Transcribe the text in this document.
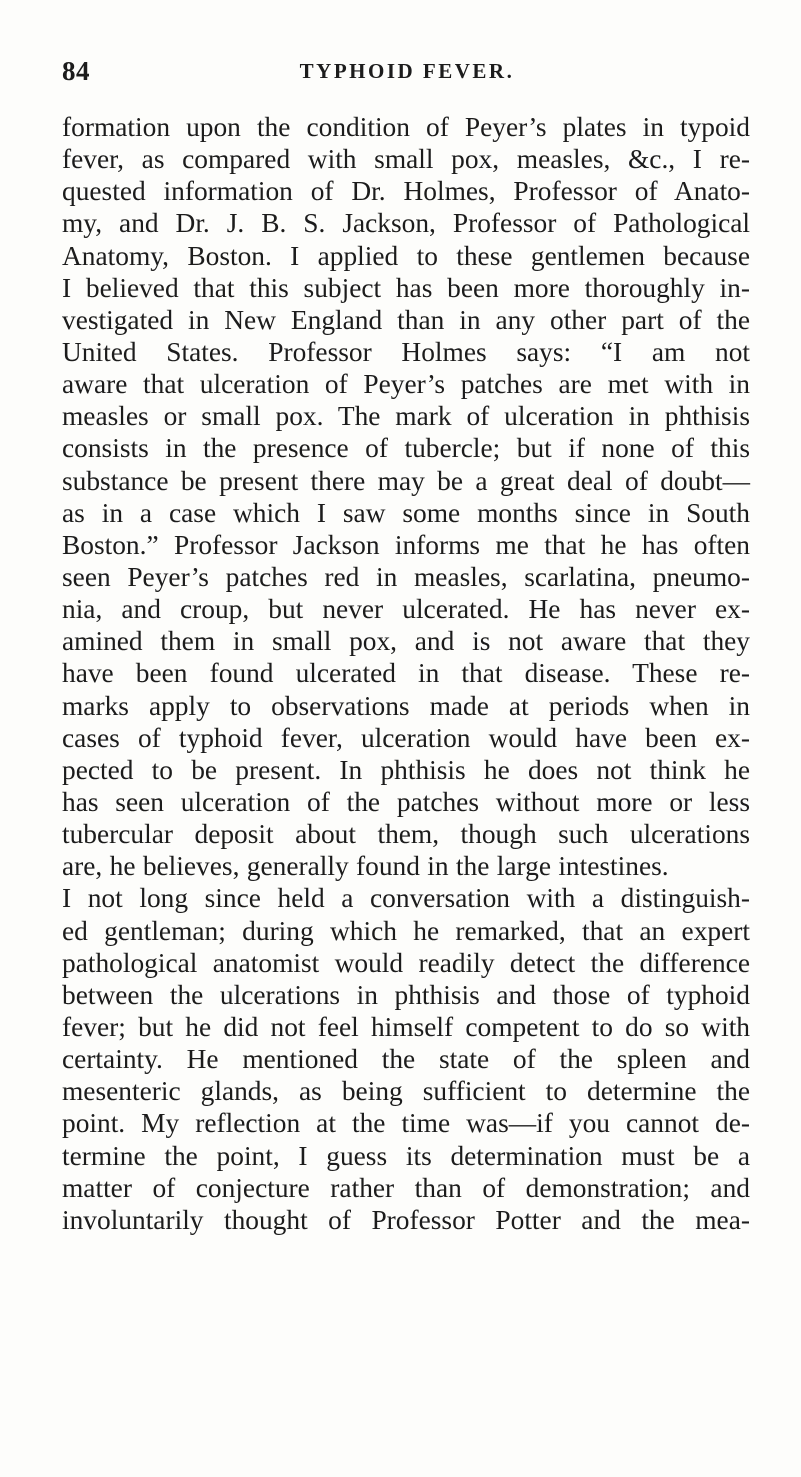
84	TYPHOID FEVER.
formation upon the condition of Peyer’s plates in typoid
fever, as compared with small pox, measles, &c., I re-
quested information of Dr. Holmes, Professor of Anato-
my, and Dr. J. B. S. Jackson, Professor of Pathological
Anatomy, Boston. I applied to these gentlemen because
I believed that this subject has been more thoroughly in-
vestigated in New England than in any other part of the
United States. Professor Holmes says: “I am not
aware that ulceration of Peyer’s patches are met with in
measles or small pox. The mark of ulceration in phthisis
consists in the presence of tubercle; but if none of this
substance be present there may be a great deal of doubt—
as in a case which I saw some months since in South
Boston.” Professor Jackson informs me that he has often
seen Peyer’s patches red in measles, scarlatina, pneumo-
nia, and croup, but never ulcerated. He has never ex-
amined them in small pox, and is not aware that they
have been found ulcerated in that disease. These re-
marks apply to observations made at periods when in
cases of typhoid fever, ulceration would have been ex-
pected to be present. In phthisis he does not think he
has seen ulceration of the patches without more or less
tubercular deposit about them, though such ulcerations
are, he believes, generally found in the large intestines.
I not long since held a conversation with a distinguish-
ed gentleman; during which he remarked, that an expert
pathological anatomist would readily detect the difference
between the ulcerations in phthisis and those of typhoid
fever; but he did not feel himself competent to do so with
certainty. He mentioned the state of the spleen and
mesenteric glands, as being sufficient to determine the
point. My reflection at the time was—if you cannot de-
termine the point, I guess its determination must be a
matter of conjecture rather than of demonstration; and
involuntarily thought of Professor Potter and the mea-
